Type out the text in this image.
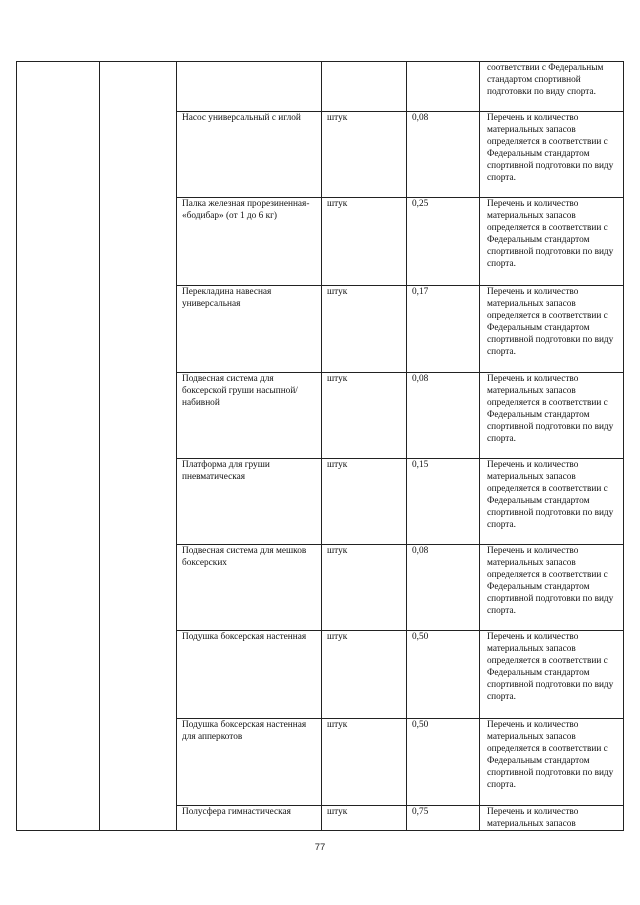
					соответствии с Федеральным стандартом спортивной подготовки по виду спорта.

		Насос универсальный с иглой	штук	0,08	Перечень и количество материальных запасов определяется в соответствии с Федеральным стандартом спортивной подготовки по виду спорта.

		Палка железная прорезиненная- «бодибар» (от 1 до 6 кг)	штук	0,25	Перечень и количество материальных запасов определяется в соответствии с Федеральным стандартом спортивной подготовки по виду спорта.

		Перекладина навесная универсальная	штук	0,17	Перечень и количество материальных запасов определяется в соответствии с Федеральным стандартом спортивной подготовки по виду спорта.

		Подвесная система для боксерской груши насыпной/набивной	штук	0,08	Перечень и количество материальных запасов определяется в соответствии с Федеральным стандартом спортивной подготовки по виду спорта.

		Платформа для груши пневматическая	штук	0,15	Перечень и количество материальных запасов определяется в соответствии с Федеральным стандартом спортивной подготовки по виду спорта.

		Подвесная система для мешков боксерских	штук	0,08	Перечень и количество материальных запасов определяется в соответствии с Федеральным стандартом спортивной подготовки по виду спорта.

		Подушка боксерская настенная	штук	0,50	Перечень и количество материальных запасов определяется в соответствии с Федеральным стандартом спортивной подготовки по виду спорта.

		Подушка боксерская настенная для апперкотов	штук	0,50	Перечень и количество материальных запасов определяется в соответствии с Федеральным стандартом спортивной подготовки по виду спорта.

		Полусфера гимнастическая	штук	0,75	Перечень и количество материальных запасов
77
